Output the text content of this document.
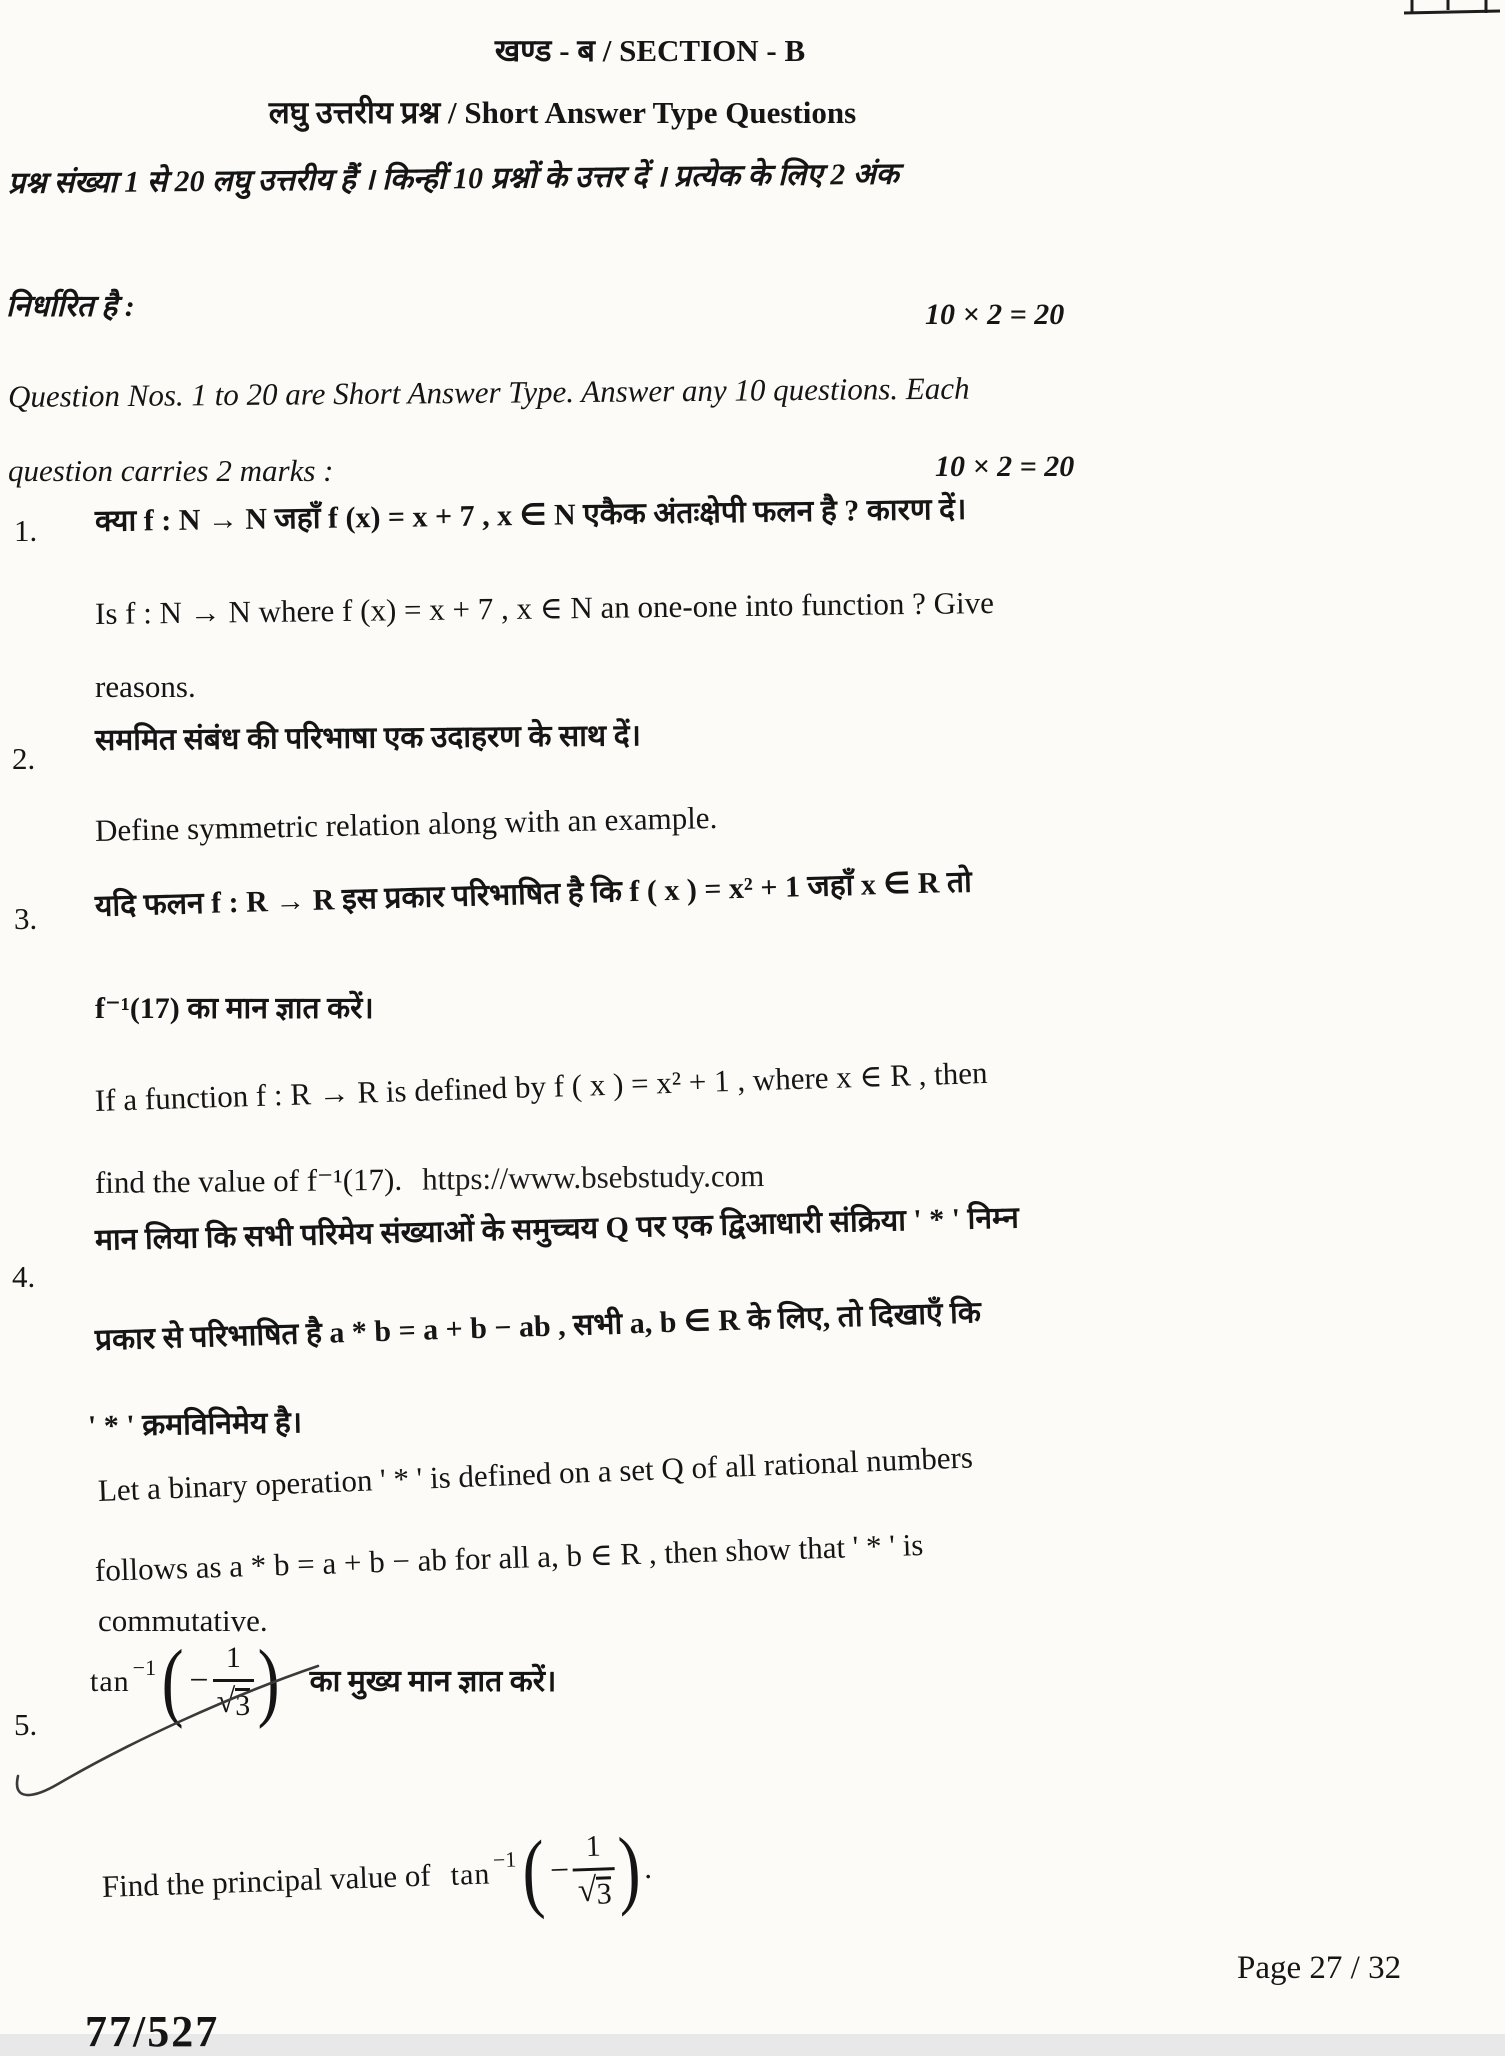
खण्ड - ब / SECTION - B
लघु उत्तरीय प्रश्न / Short Answer Type Questions
प्रश्न संख्या 1 से 20 लघु उत्तरीय हैं । किन्हीं 10 प्रश्नों के उत्तर दें । प्रत्येक के लिए 2 अंक
निर्धारित है :	10 × 2 = 20
Question Nos. 1 to 20 are Short Answer Type. Answer any 10 questions. Each
question carries 2 marks :	10 × 2 = 20
1. क्या f : N → N जहाँ f (x) = x + 7 , x ∈ N एकैक अंतःक्षेपी फलन है ? कारण दें।
Is f : N → N where f (x) = x + 7 , x ∈ N an one-one into function ? Give
reasons.
2.
सममित संबंध की परिभाषा एक उदाहरण के साथ दें।
Define symmetric relation along with an example.
3. यदि फलन f : R → R इस प्रकार परिभाषित है कि f ( x ) = x² + 1 जहाँ x ∈ R तो
f⁻¹(17) का मान ज्ञात करें।
If a function f : R → R is defined by f ( x ) = x² + 1 , where x ∈ R , then
find the value of f⁻¹(17). https://www.bsebstudy.com
4.
मान लिया कि सभी परिमेय संख्याओं के समुच्चय Q पर एक द्विआधारी संक्रिया ' * ' निम्न
प्रकार से परिभाषित है a * b = a + b − ab , सभी a, b ∈ R के लिए, तो दिखाएँ कि
' * ' क्रमविनिमेय है।
Let a binary operation ' * ' is defined on a set Q of all rational numbers
follows as a * b = a + b − ab for all a, b ∈ R , then show that ' * ' is
commutative.
5.
$\tan^{-1}$ ( − $\frac{1}{√ 3}$ ) का मुख्य मान ज्ञात करें।
Find the principal value of $\tan^{-1}$ ( − 1
√
3 ) .
Page 27 / 32
77/527
